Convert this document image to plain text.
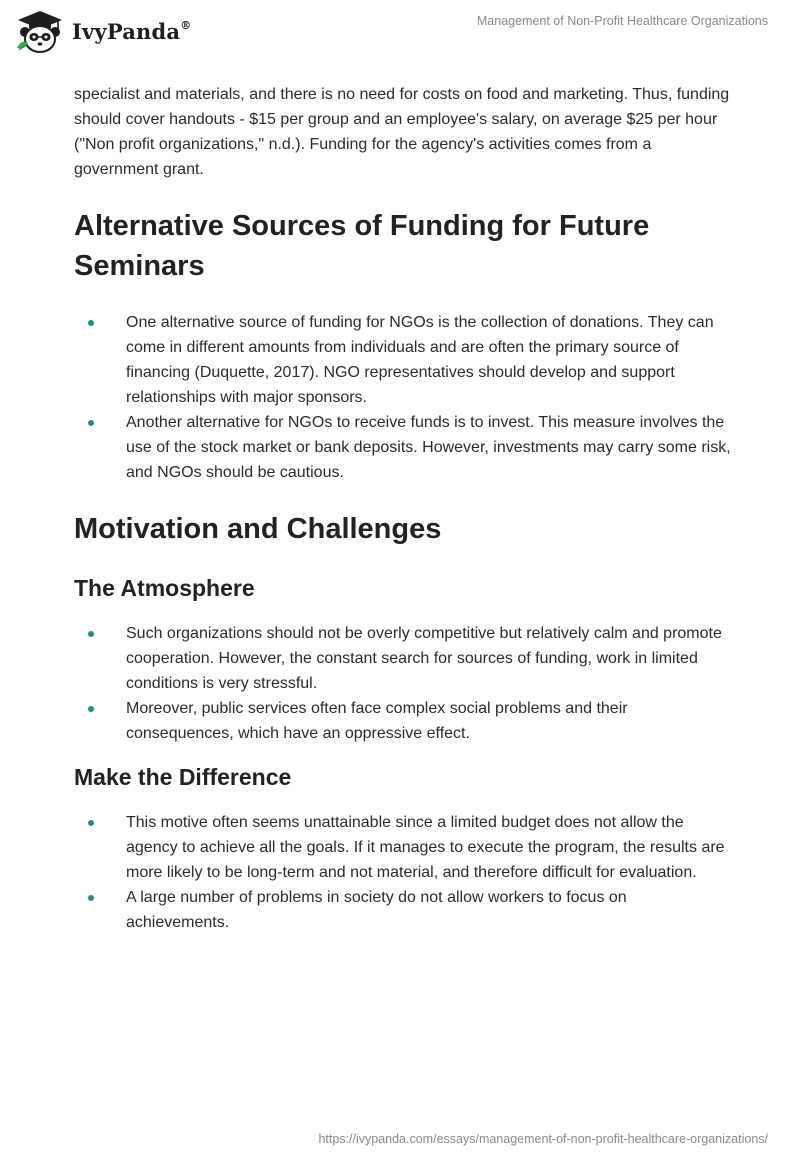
IvyPanda®	Management of Non-Profit Healthcare Organizations

specialist and materials, and there is no need for costs on food and marketing. Thus, funding should cover handouts - $15 per group and an employee's salary, on average $25 per hour ("Non profit organizations," n.d.). Funding for the agency's activities comes from a government grant.

Alternative Sources of Funding for Future Seminars
One alternative source of funding for NGOs is the collection of donations. They can come in different amounts from individuals and are often the primary source of financing (Duquette, 2017). NGO representatives should develop and support relationships with major sponsors.
Another alternative for NGOs to receive funds is to invest. This measure involves the use of the stock market or bank deposits. However, investments may carry some risk, and NGOs should be cautious.
Motivation and Challenges
The Atmosphere
Such organizations should not be overly competitive but relatively calm and promote cooperation. However, the constant search for sources of funding, work in limited conditions is very stressful.
Moreover, public services often face complex social problems and their consequences, which have an oppressive effect.
Make the Difference
This motive often seems unattainable since a limited budget does not allow the agency to achieve all the goals. If it manages to execute the program, the results are more likely to be long-term and not material, and therefore difficult for evaluation.
A large number of problems in society do not allow workers to focus on achievements.
https://ivypanda.com/essays/management-of-non-profit-healthcare-organizations/
